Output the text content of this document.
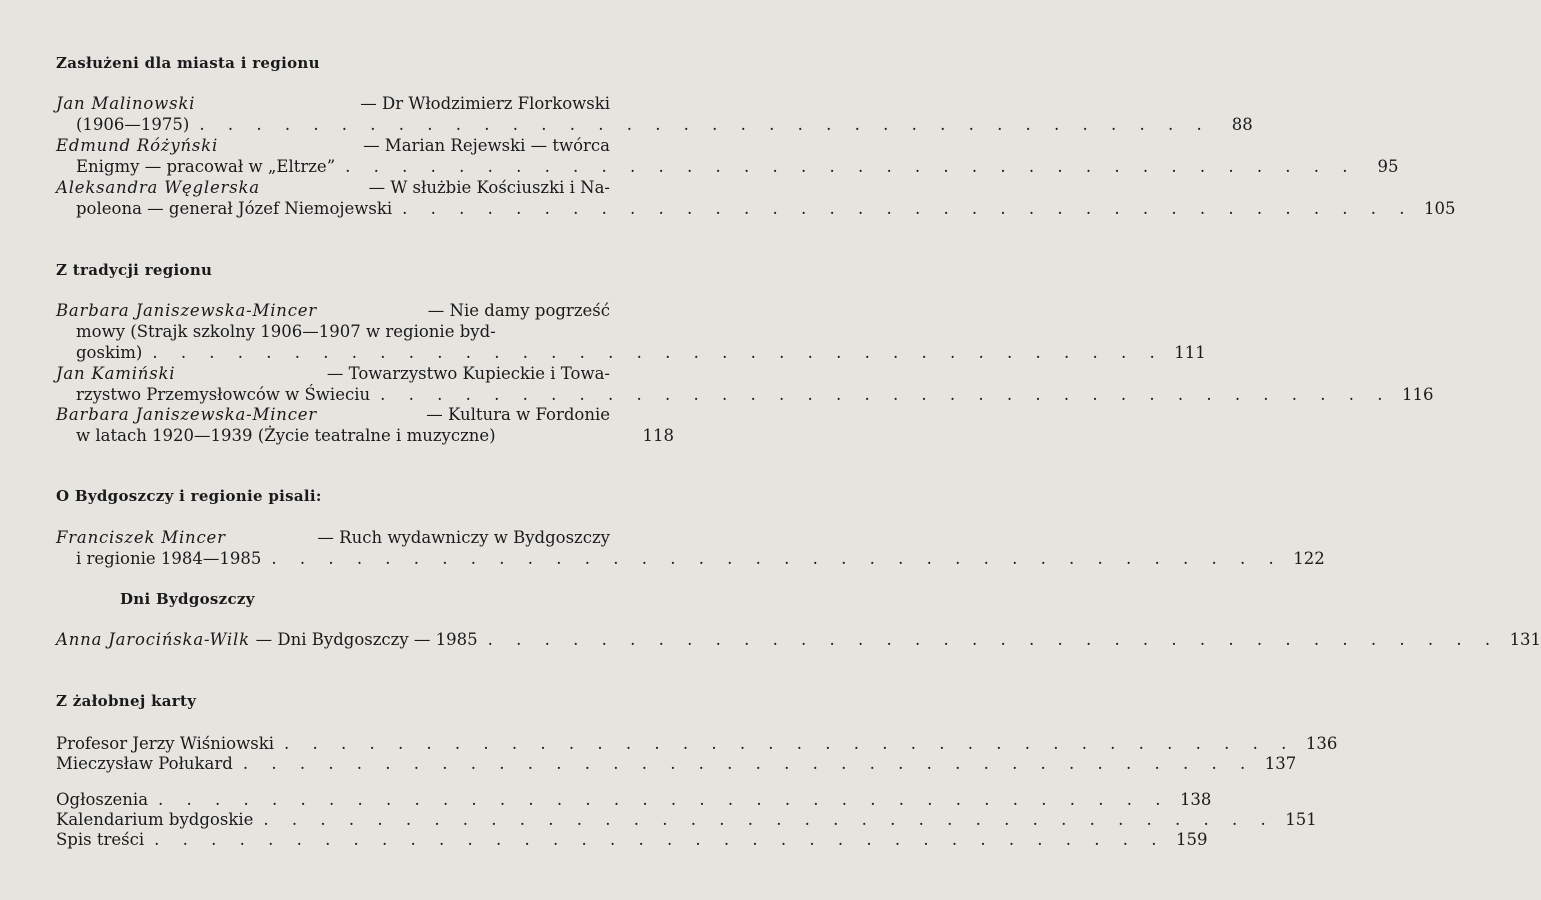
Zasłużeni dla miasta i regionu
Jan Malinowski	— Dr Włodzimierz Florkowski
(1906—1975) . . . . . . . . . . . . . . . . . . . . . . . . . . . . . . . . . . . .	88
Edmund Różyński	— Marian Rejewski — twórca
Enigmy — pracował w „Eltrze” . . . . . . . . . . . . . . . . . . . . . . . . . . . . . . . . . . . .	95
Aleksandra Węglerska	— W służbie Kościuszki i Na-
poleona — generał Józef Niemojewski . . . . . . . . . . . . . . . . . . . . . . . . . . . . . . . . . . . . 105
Z tradycji regionu
Barbara Janiszewska-Mincer	— Nie damy pogrześć
mowy (Strajk szkolny 1906—1907 w regionie byd-
goskim) . . . . . . . . . . . . . . . . . . . . . . . . . . . . . . . . . . . . 111
Jan Kamiński	— Towarzystwo Kupieckie i Towa-
rzystwo Przemysłowców w Świeciu . . . . . . . . . . . . . . . . . . . . . . . . . . . . . . . . . . . . 116
Barbara Janiszewska-Mincer	— Kultura w Fordonie
w latach 1920—1939 (Życie teatralne i muzyczne)	118
O Bydgoszczy i regionie pisali:
Franciszek Mincer	— Ruch wydawniczy w Bydgoszczy
i regionie 1984—1985 . . . . . . . . . . . . . . . . . . . . . . . . . . . . . . . . . . . . 122
Dni Bydgoszczy
Anna Jarocińska-Wilk — Dni Bydgoszczy — 1985 . . . . . . . . . . . . . . . . . . . . . . . . . . . . . . . . . . . . 131
Z żałobnej karty
Profesor Jerzy Wiśniowski . . . . . . . . . . . . . . . . . . . . . . . . . . . . . . . . . . . . 136
Mieczysław Połukard . . . . . . . . . . . . . . . . . . . . . . . . . . . . . . . . . . . . 137
Ogłoszenia . . . . . . . . . . . . . . . . . . . . . . . . . . . . . . . . . . . . 138
Kalendarium bydgoskie . . . . . . . . . . . . . . . . . . . . . . . . . . . . . . . . . . . . 151
Spis treści . . . . . . . . . . . . . . . . . . . . . . . . . . . . . . . . . . . . 159
